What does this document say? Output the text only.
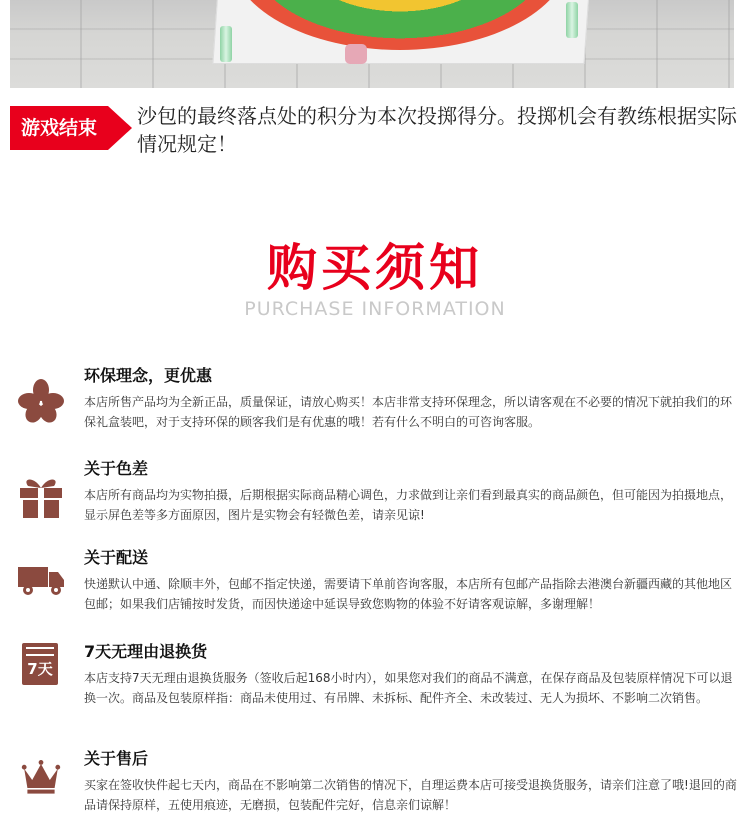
游戏结束	沙包的最终落点处的积分为本次投掷得分。投掷机会有教练根据实际情况规定！
购买须知
PURCHASE INFORMATION
环保理念，更优惠

本店所售产品均为全新正品，质量保证，请放心购买！本店非常支持环保理念，所以请客观在不必要的情况下就拍我们的环保礼盒装吧，对于支持环保的顾客我们是有优惠的哦！若有什么不明白的可咨询客服。

关于色差

本店所有商品均为实物拍摄，后期根据实际商品精心调色，力求做到让亲们看到最真实的商品颜色，但可能因为拍摄地点，显示屏色差等多方面原因，图片是实物会有轻微色差，请亲见谅!

关于配送

快递默认中通、除顺丰外，包邮不指定快递，需要请下单前咨询客服，本店所有包邮产品指除去港澳台新疆西藏的其他地区包邮；如果我们店铺按时发货，而因快递途中延误导致您购物的体验不好请客观谅解，多谢理解！

7天
7天无理由退换货

本店支持7天无理由退换货服务（签收后起168小时内），如果您对我们的商品不满意，在保存商品及包装原样情况下可以退换一次。商品及包装原样指：商品未使用过、有吊牌、未拆标、配件齐全、未改装过、无人为损坏、不影响二次销售。

关于售后

买家在签收快件起七天内，商品在不影响第二次销售的情况下，自理运费本店可接受退换货服务，请亲们注意了哦!退回的商品请保持原样，五使用痕迹，无磨损，包装配件完好，信息亲们谅解！
